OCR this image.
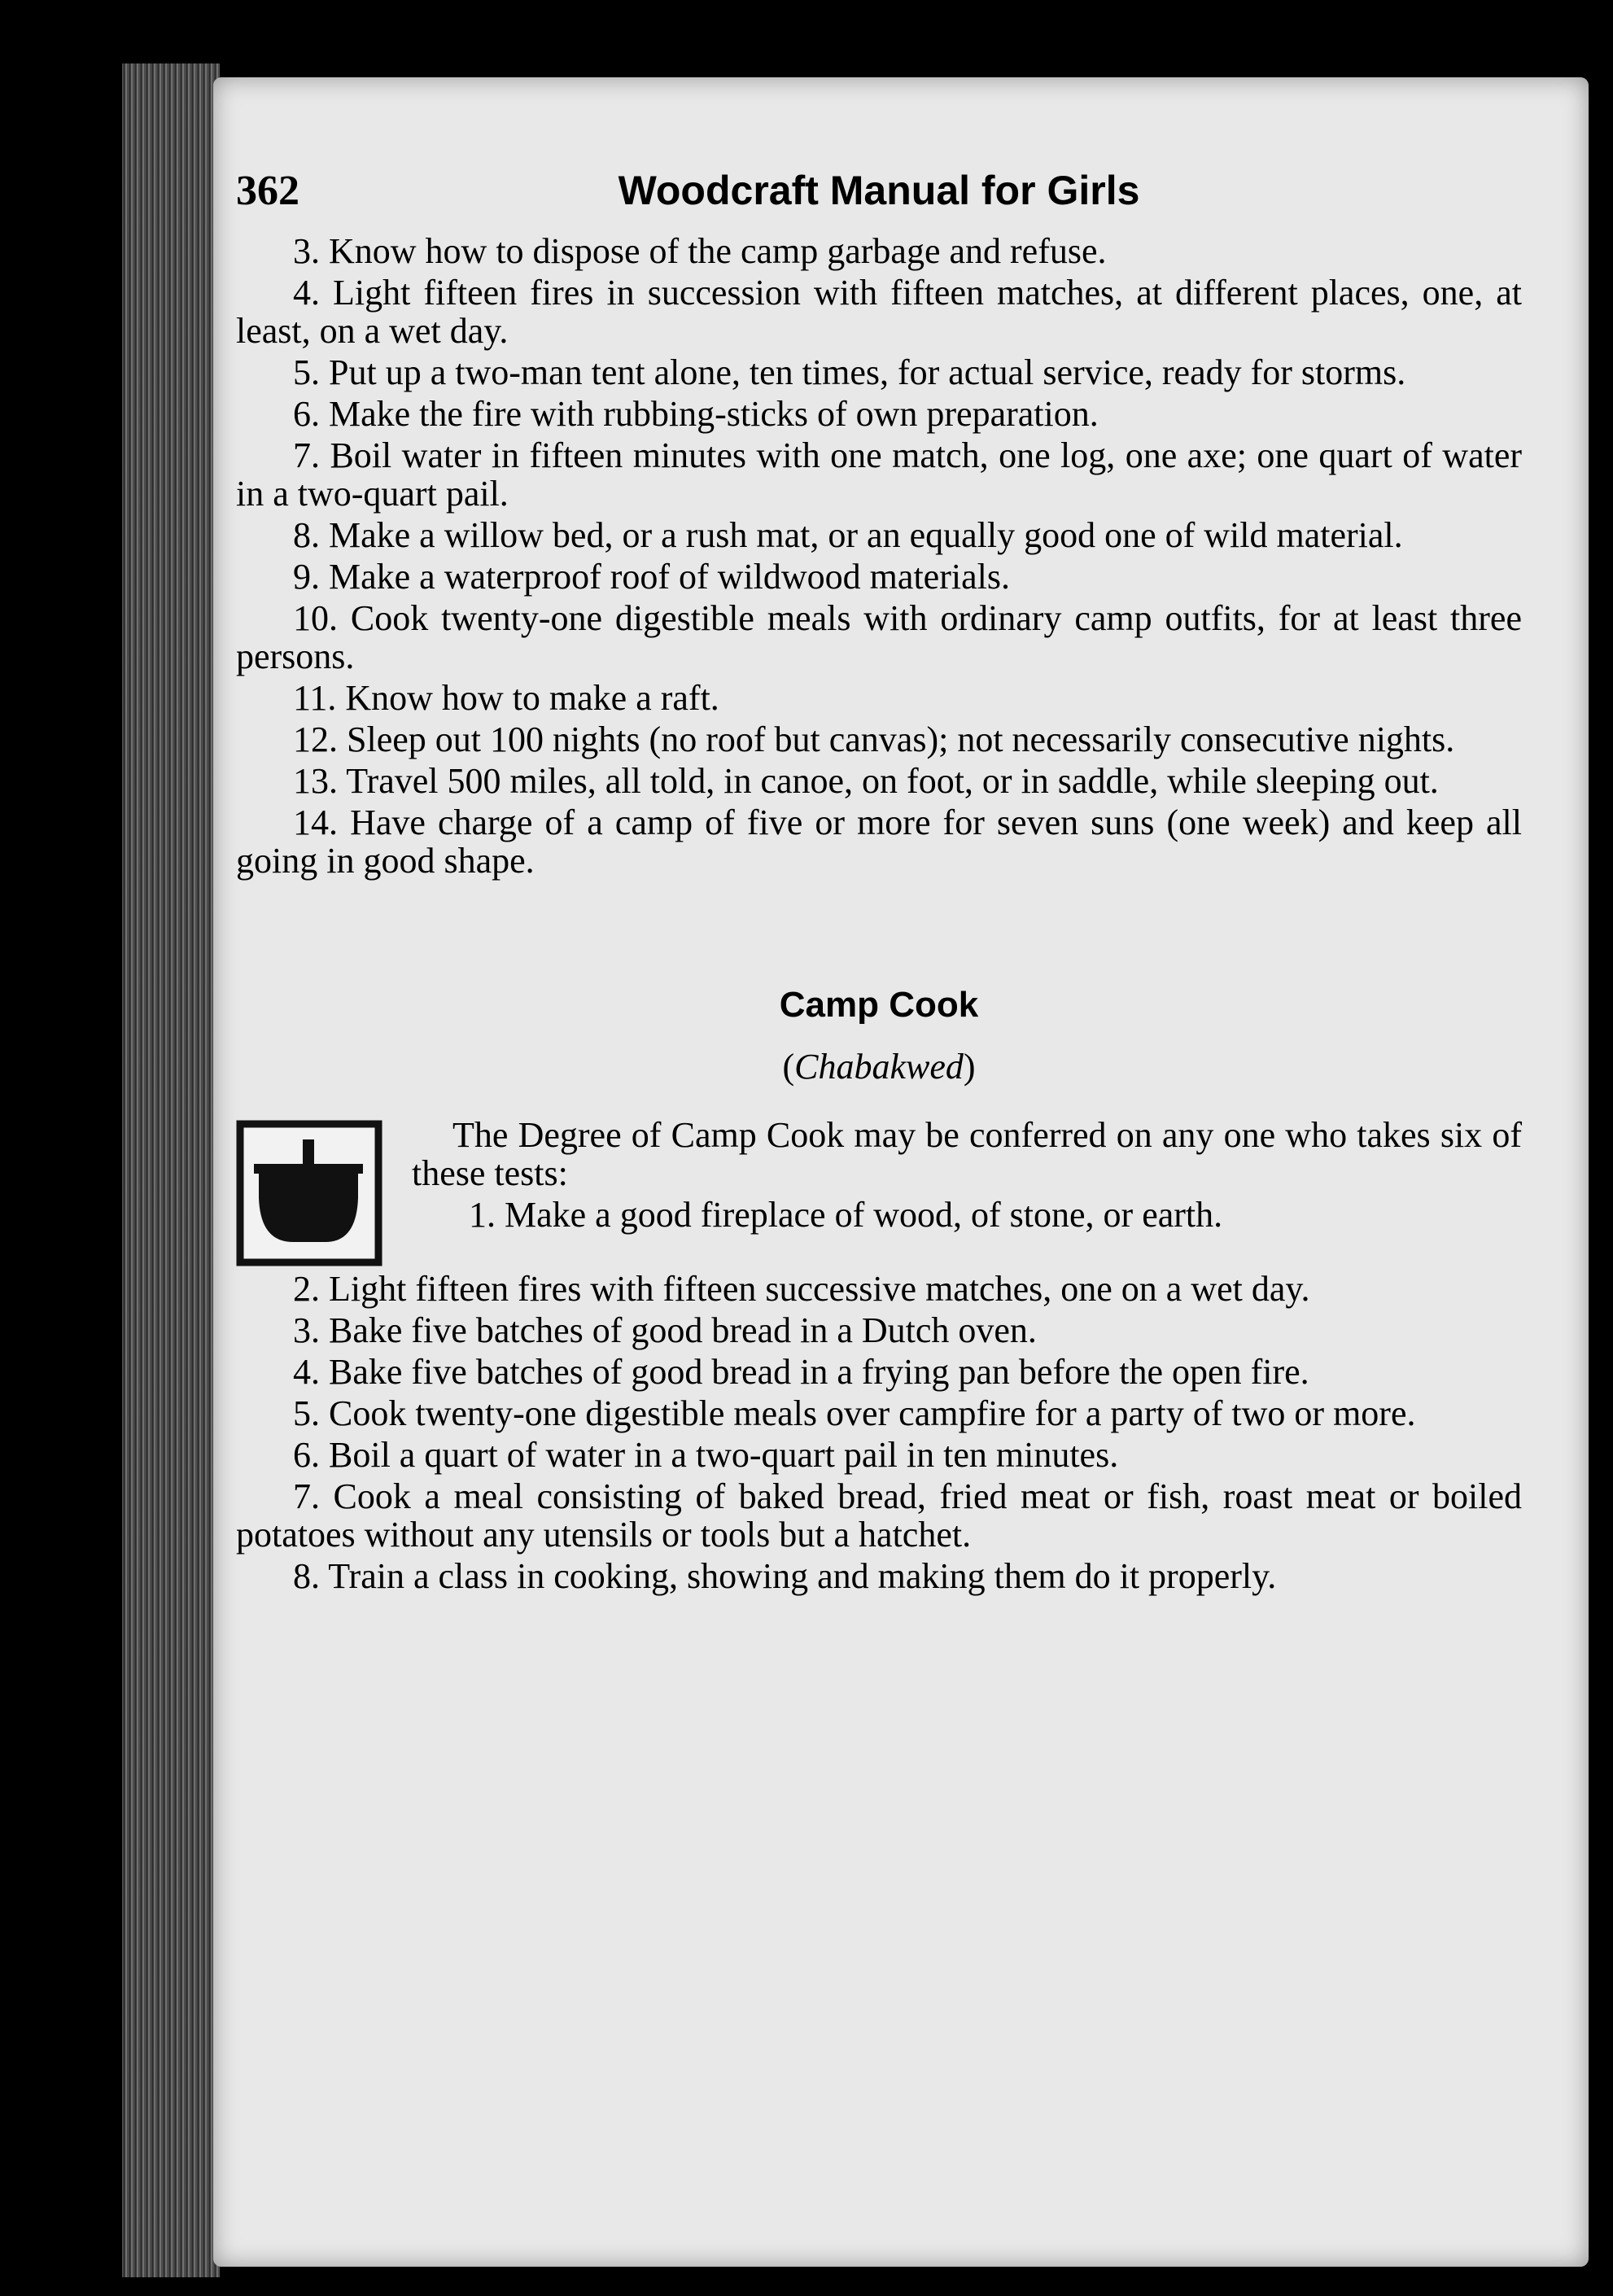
362	Woodcraft Manual for Girls

3. Know how to dispose of the camp garbage and refuse.

4. Light fifteen fires in succession with fifteen matches, at different places, one, at least, on a wet day.

5. Put up a two-man tent alone, ten times, for actual service, ready for storms.

6. Make the fire with rubbing-sticks of own preparation.

7. Boil water in fifteen minutes with one match, one log, one axe; one quart of water in a two-quart pail.

8. Make a willow bed, or a rush mat, or an equally good one of wild material.

9. Make a waterproof roof of wildwood materials.

10. Cook twenty-one digestible meals with ordinary camp outfits, for at least three persons.

11. Know how to make a raft.

12. Sleep out 100 nights (no roof but canvas); not necessarily consecutive nights.

13. Travel 500 miles, all told, in canoe, on foot, or in saddle, while sleeping out.

14. Have charge of a camp of five or more for seven suns (one week) and keep all going in good shape.

Camp Cook
(Chabakwed)

The Degree of Camp Cook may be conferred on any one who takes six of these tests:

1. Make a good fireplace of wood, of stone, or earth.

2. Light fifteen fires with fifteen successive matches, one on a wet day.

3. Bake five batches of good bread in a Dutch oven.

4. Bake five batches of good bread in a frying pan before the open fire.

5. Cook twenty-one digestible meals over campfire for a party of two or more.

6. Boil a quart of water in a two-quart pail in ten minutes.

7. Cook a meal consisting of baked bread, fried meat or fish, roast meat or boiled potatoes without any utensils or tools but a hatchet.

8. Train a class in cooking, showing and making them do it properly.
